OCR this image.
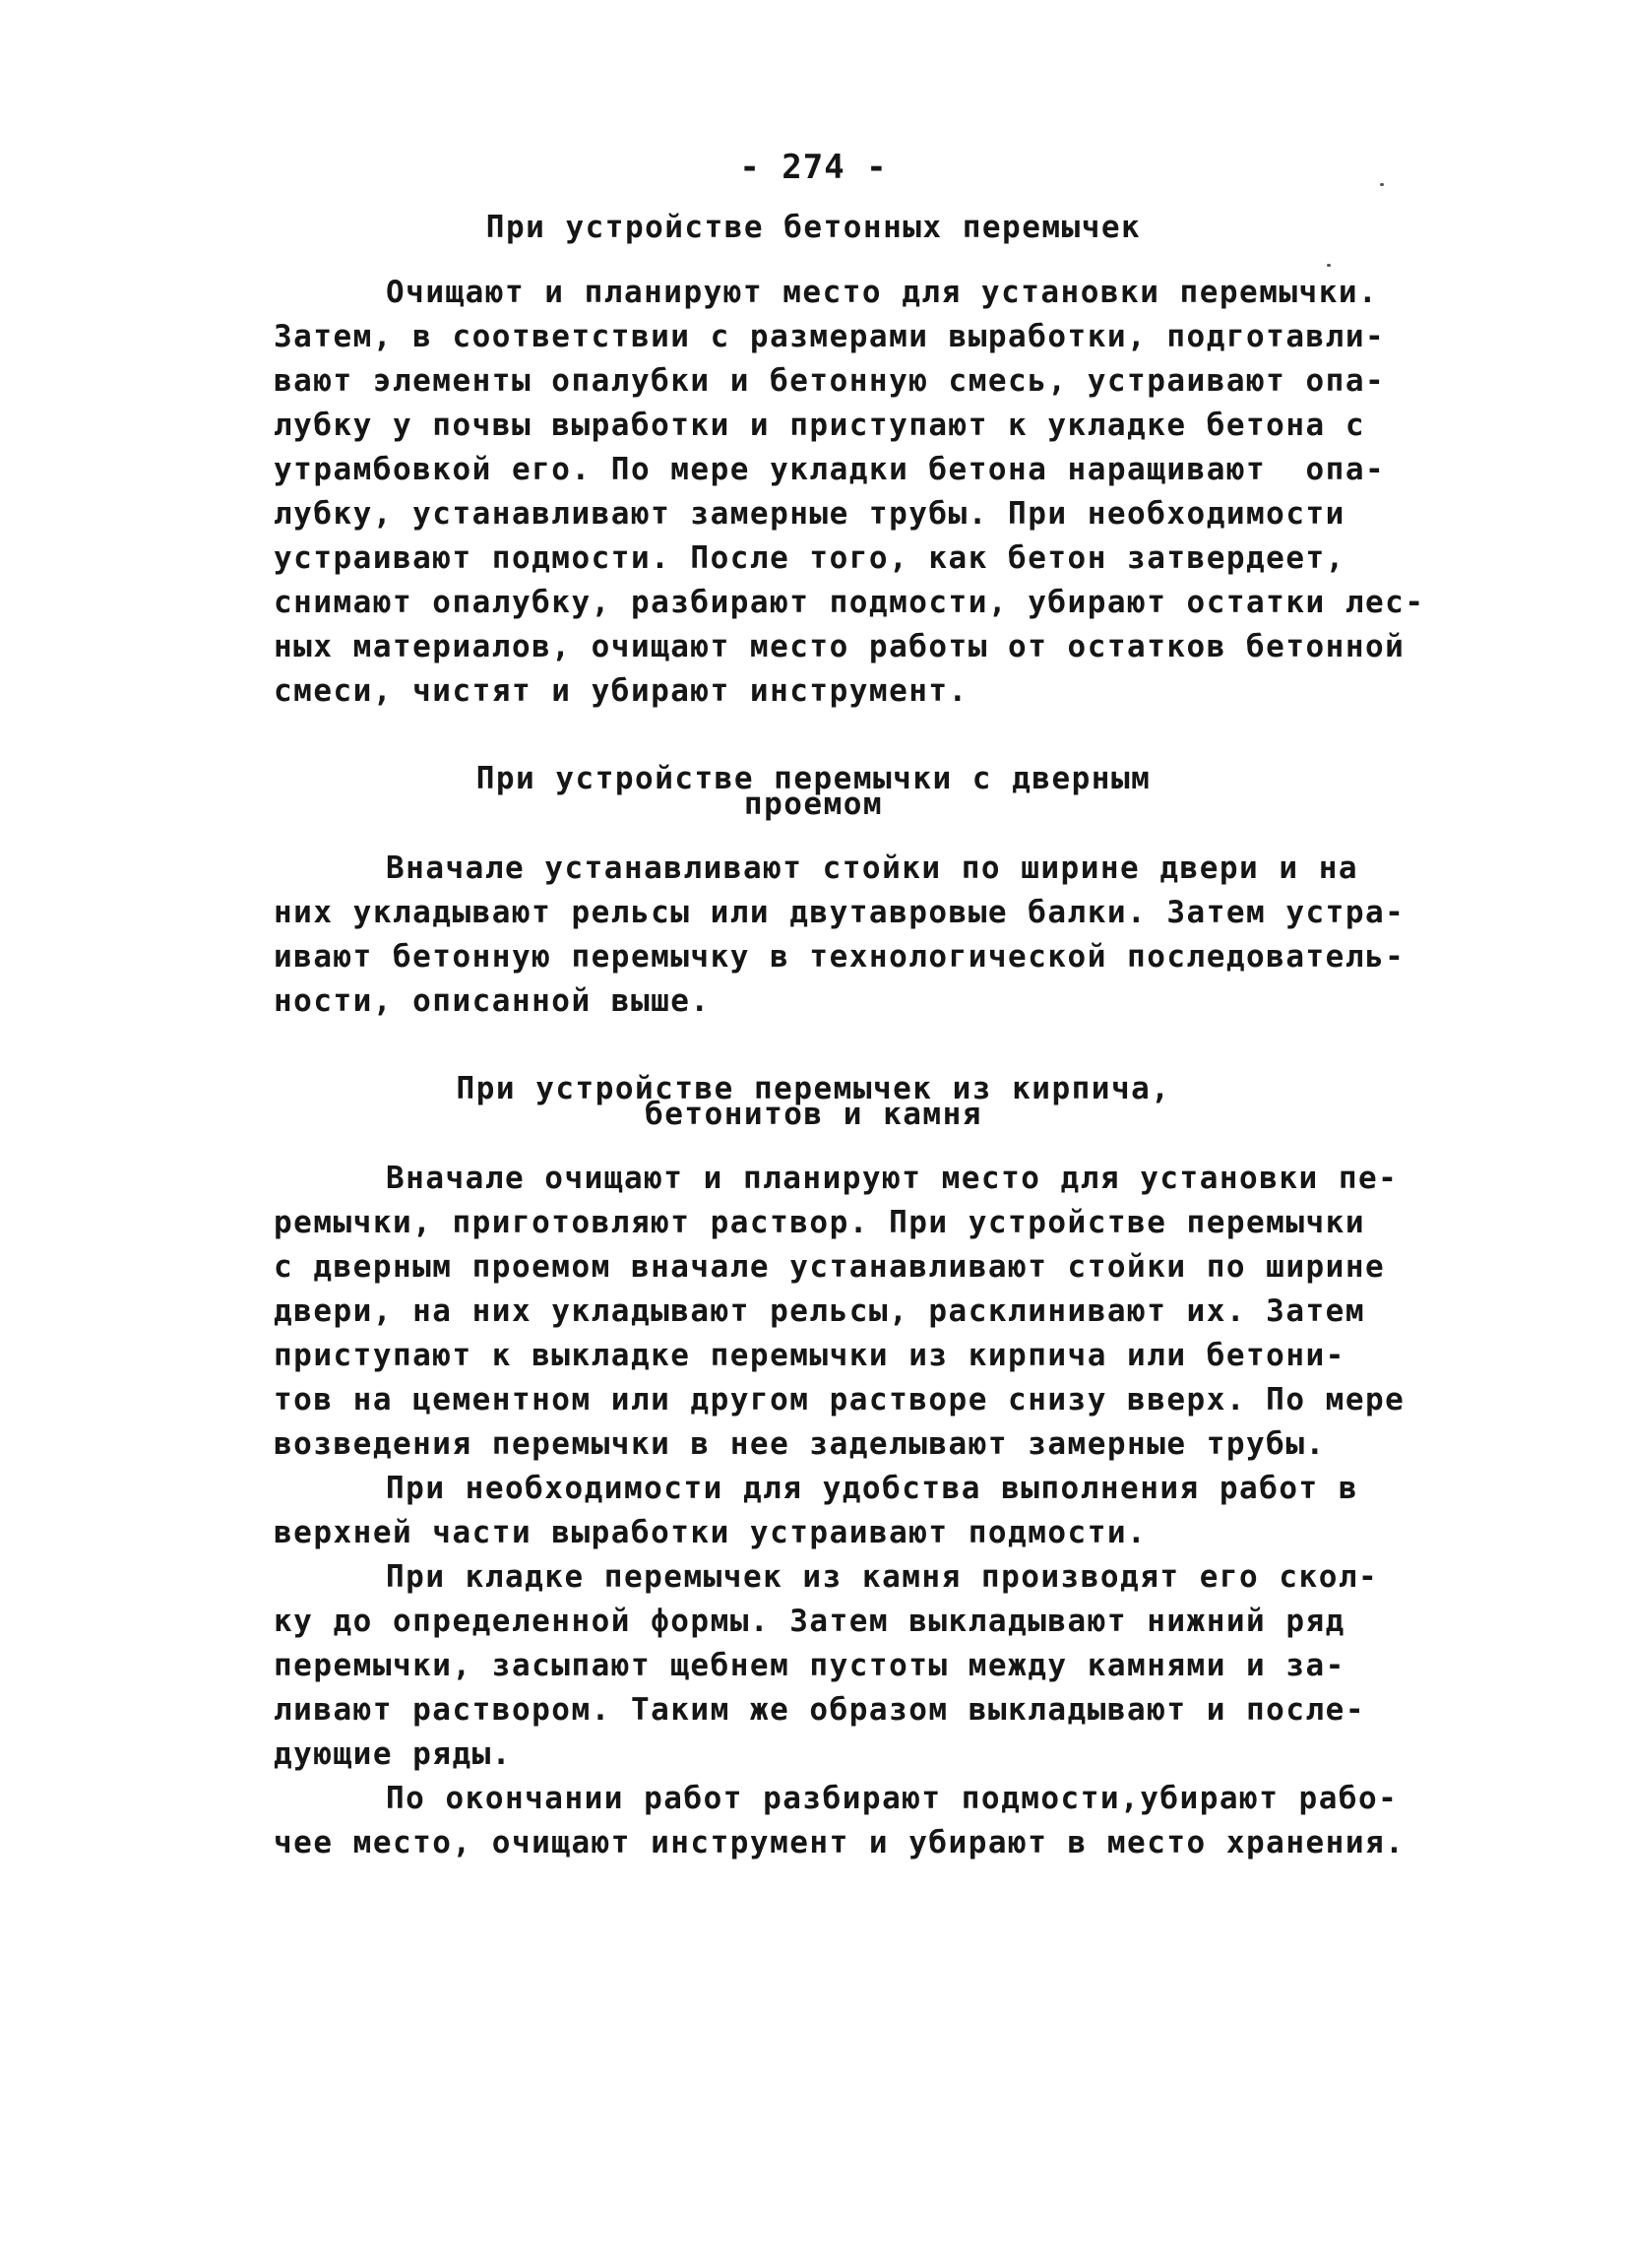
- 274 -
При устройстве бетонных перемычек
Очищают и планируют место для установки перемычки.
Затем, в соответствии с размерами выработки, подготавли-
вают элементы опалубки и бетонную смесь, устраивают опа-
лубку у почвы выработки и приступают к укладке бетона с
утрамбовкой его. По мере укладки бетона наращивают  опа-
лубку, устанавливают замерные трубы. При необходимости
устраивают подмости. После того, как бетон затвердеет,
снимают опалубку, разбирают подмости, убирают остатки лес-
ных материалов, очищают место работы от остатков бетонной
смеси, чистят и убирают инструмент.
При устройстве перемычки с дверным
проемом
Вначале устанавливают стойки по ширине двери и на
них укладывают рельсы или двутавровые балки. Затем устра-
ивают бетонную перемычку в технологической последователь-
ности, описанной выше.
При устройстве перемычек из кирпича,
бетонитов и камня
Вначале очищают и планируют место для установки пе-
ремычки, приготовляют раствор. При устройстве перемычки
с дверным проемом вначале устанавливают стойки по ширине
двери, на них укладывают рельсы, расклинивают их. Затем
приступают к выкладке перемычки из кирпича или бетони-
тов на цементном или другом растворе снизу вверх. По мере
возведения перемычки в нее заделывают замерные трубы.
При необходимости для удобства выполнения работ в
верхней части выработки устраивают подмости.
При кладке перемычек из камня производят его скол-
ку до определенной формы. Затем выкладывают нижний ряд
перемычки, засыпают щебнем пустоты между камнями и за-
ливают раствором. Таким же образом выкладывают и после-
дующие ряды.
По окончании работ разбирают подмости,убирают рабо-
чее место, очищают инструмент и убирают в место хранения.
